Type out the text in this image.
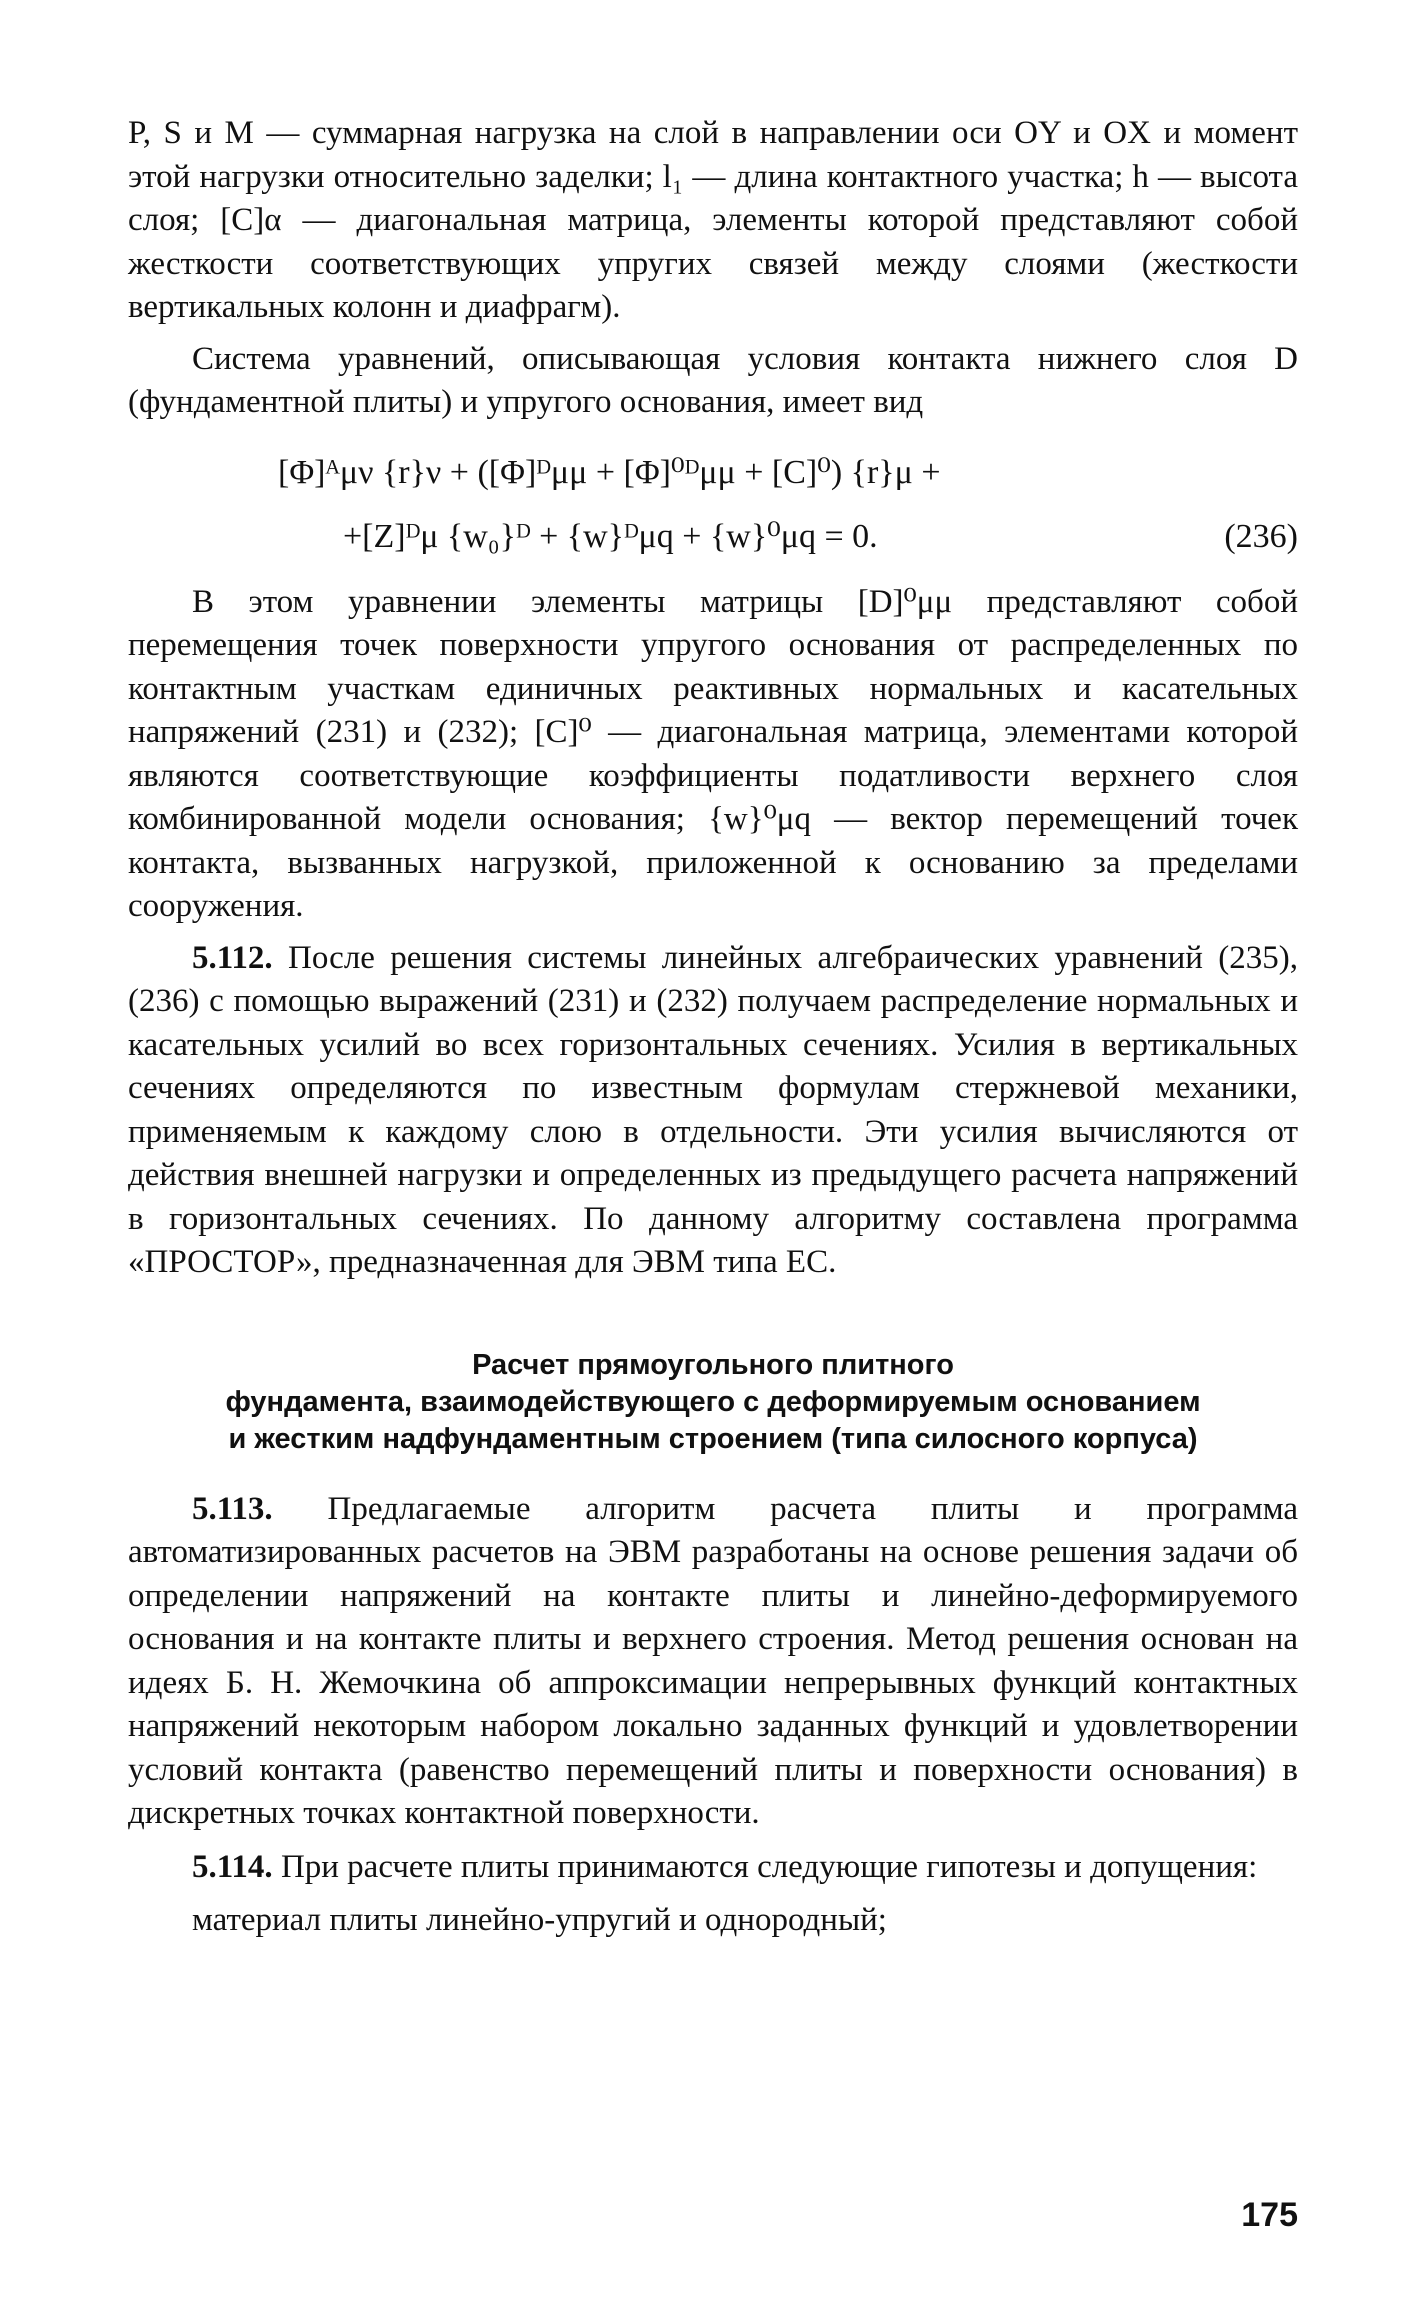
P, S и M — суммарная нагрузка на слой в направлении оси OY и OX и момент этой нагрузки относительно заделки; l₁ — длина контактного участка; h — высота слоя; [C]α — диагональная матрица, элементы которой представляют собой жесткости соответствующих упругих связей между слоями (жесткости вертикальных колонн и диафрагм).

Система уравнений, описывающая условия контакта нижнего слоя D (фундаментной плиты) и упругого основания, имеет вид

[Φ]ᴬμν {r}ν + ([Φ]ᴰμμ + [Φ]⁰ᴰμμ + [C]⁰) {r}μ +
+[Z]ᴰμ {w₀}ᴰ + {w}ᴰμq + {w}⁰μq = 0.	(236)

В этом уравнении элементы матрицы [D]⁰μμ представляют собой перемещения точек поверхности упругого основания от распределенных по контактным участкам единичных реактивных нормальных и касательных напряжений (231) и (232); [C]⁰ — диагональная матрица, элементами которой являются соответствующие коэффициенты податливости верхнего слоя комбинированной модели основания; {w}⁰μq — вектор перемещений точек контакта, вызванных нагрузкой, приложенной к основанию за пределами сооружения.

5.112. После решения системы линейных алгебраических уравнений (235), (236) с помощью выражений (231) и (232) получаем распределение нормальных и касательных усилий во всех горизонтальных сечениях. Усилия в вертикальных сечениях определяются по известным формулам стержневой механики, применяемым к каждому слою в отдельности. Эти усилия вычисляются от действия внешней нагрузки и определенных из предыдущего расчета напряжений в горизонтальных сечениях. По данному алгоритму составлена программа «ПРОСТОР», предназначенная для ЭВМ типа ЕС.

Расчет прямоугольного плитного
фундамента, взаимодействующего с деформируемым основанием
и жестким надфундаментным строением (типа силосного корпуса)

5.113. Предлагаемые алгоритм расчета плиты и программа автоматизированных расчетов на ЭВМ разработаны на основе решения задачи об определении напряжений на контакте плиты и линейно-деформируемого основания и на контакте плиты и верхнего строения. Метод решения основан на идеях Б. Н. Жемочкина об аппроксимации непрерывных функций контактных напряжений некоторым набором локально заданных функций и удовлетворении условий контакта (равенство перемещений плиты и поверхности основания) в дискретных точках контактной поверхности.

5.114. При расчете плиты принимаются следующие гипотезы и допущения:

материал плиты линейно-упругий и однородный;

175
